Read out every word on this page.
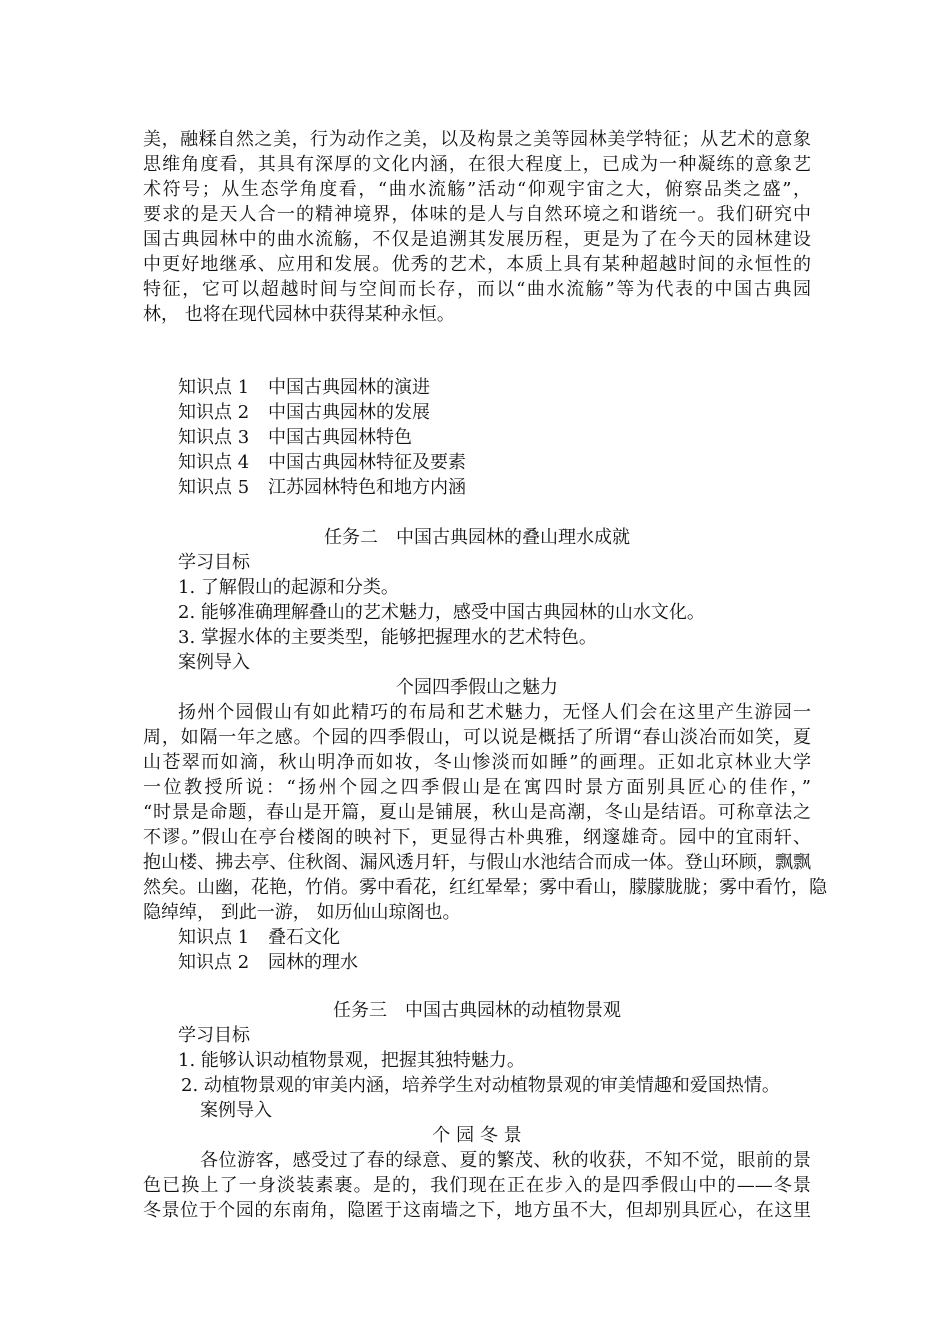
美，融糅自然之美，行为动作之美，以及构景之美等园林美学特征；从艺术的意象
思维角度看，其具有深厚的文化内涵，在很大程度上，已成为一种凝练的意象艺
术符号；从生态学角度看，“曲水流觞”活动“仰观宇宙之大，俯察品类之盛”，
要求的是天人合一的精神境界，体味的是人与自然环境之和谐统一。我们研究中
国古典园林中的曲水流觞，不仅是追溯其发展历程，更是为了在今天的园林建设
中更好地继承、应用和发展。优秀的艺术，本质上具有某种超越时间的永恒性的
特征，它可以超越时间与空间而长存，而以“曲水流觞”等为代表的中国古典园
林， 也将在现代园林中获得某种永恒。
知识点 1 中国古典园林的演进
知识点 2 中国古典园林的发展
知识点 3 中国古典园林特色
知识点 4 中国古典园林特征及要素
知识点 5 江苏园林特色和地方内涵
任务二　中国古典园林的叠山理水成就
学习目标
1. 了解假山的起源和分类。
2. 能够准确理解叠山的艺术魅力，感受中国古典园林的山水文化。
3. 掌握水体的主要类型，能够把握理水的艺术特色。
案例导入
个园四季假山之魅力
扬州个园假山有如此精巧的布局和艺术魅力，无怪人们会在这里产生游园一
周，如隔一年之感。个园的四季假山，可以说是概括了所谓“春山淡冶而如笑，夏
山苍翠而如滴，秋山明净而如妆，冬山惨淡而如睡”的画理。正如北京林业大学
一位教授所说：“扬州个园之四季假山是在寓四时景方面别具匠心的佳作，”
“时景是命题，春山是开篇，夏山是铺展，秋山是高潮，冬山是结语。可称章法之
不谬。”假山在亭台楼阁的映衬下，更显得古朴典雅，纲邃雄奇。园中的宜雨轩、
抱山楼、拂去亭、住秋阁、漏风透月轩，与假山水池结合而成一体。登山环顾，飘飘
然矣。山幽，花艳，竹俏。雾中看花，红红晕晕；雾中看山，朦朦胧胧；雾中看竹，隐
隐绰绰， 到此一游， 如历仙山琼阁也。
知识点 1 叠石文化
知识点 2 园林的理水
任务三　中国古典园林的动植物景观
学习目标
1. 能够认识动植物景观，把握其独特魅力。
2. 动植物景观的审美内涵，培养学生对动植物景观的审美情趣和爱国热情。
案例导入
个 园 冬 景
各位游客，感受过了春的绿意、夏的繁茂、秋的收获，不知不觉，眼前的景
色已换上了一身淡装素裹。是的，我们现在正在步入的是四季假山中的——冬景
冬景位于个园的东南角，隐匿于这南墙之下，地方虽不大，但却别具匠心，在这里
